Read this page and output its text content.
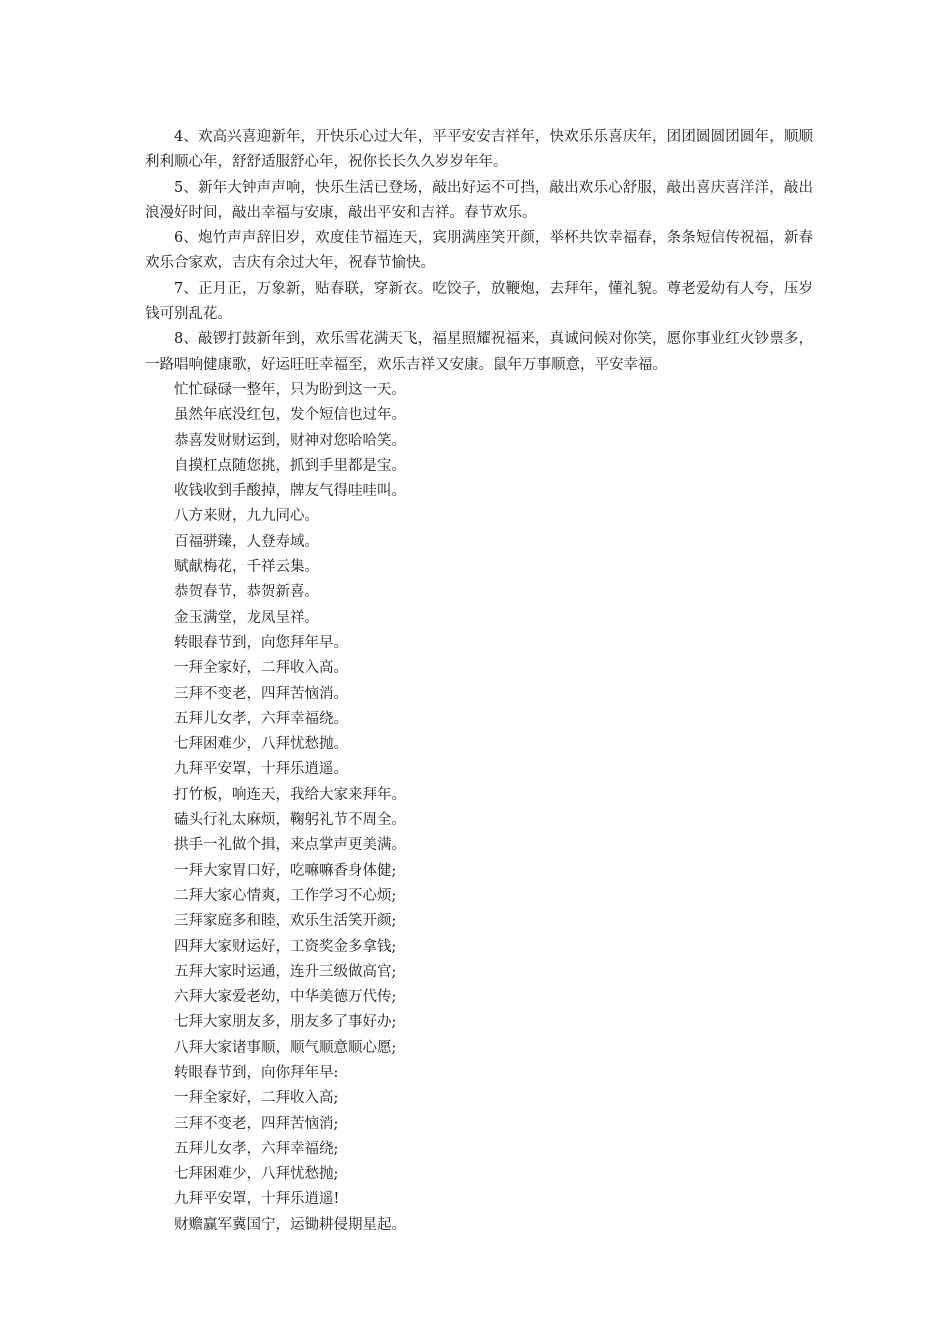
4、欢高兴喜迎新年，开快乐心过大年，平平安安吉祥年，快欢乐乐喜庆年，团团圆圆团圆年，顺顺利利顺心年，舒舒适服舒心年，祝你长长久久岁岁年年。

5、新年大钟声声响，快乐生活已登场，敲出好运不可挡，敲出欢乐心舒服，敲出喜庆喜洋洋，敲出浪漫好时间，敲出幸福与安康，敲出平安和吉祥。春节欢乐。

6、炮竹声声辞旧岁，欢度佳节福连天，宾朋满座笑开颜，举杯共饮幸福春，条条短信传祝福，新春欢乐合家欢，吉庆有余过大年，祝春节愉快。

7、正月正，万象新，贴春联，穿新衣。吃饺子，放鞭炮，去拜年，懂礼貌。尊老爱幼有人夸，压岁钱可别乱花。

8、敲锣打鼓新年到，欢乐雪花满天飞，福星照耀祝福来，真诚问候对你笑，愿你事业红火钞票多，一路唱响健康歌，好运旺旺幸福至，欢乐吉祥又安康。鼠年万事顺意，平安幸福。

忙忙碌碌一整年，只为盼到这一天。

虽然年底没红包，发个短信也过年。

恭喜发财财运到，财神对您哈哈笑。

自摸杠点随您挑，抓到手里都是宝。

收钱收到手酸掉，牌友气得哇哇叫。

八方来财，九九同心。

百福骈臻，人登寿域。

赋献梅花，千祥云集。

恭贺春节，恭贺新喜。

金玉满堂，龙凤呈祥。

转眼春节到，向您拜年早。

一拜全家好，二拜收入高。

三拜不变老，四拜苦恼消。

五拜儿女孝，六拜幸福绕。

七拜困难少，八拜忧愁抛。

九拜平安罩，十拜乐逍遥。

打竹板，响连天，我给大家来拜年。

磕头行礼太麻烦，鞠躬礼节不周全。

拱手一礼做个揖，来点掌声更美满。

一拜大家胃口好，吃嘛嘛香身体健;

二拜大家心情爽，工作学习不心烦;

三拜家庭多和睦，欢乐生活笑开颜;

四拜大家财运好，工资奖金多拿钱;

五拜大家时运通，连升三级做高官;

六拜大家爱老幼，中华美德万代传;

七拜大家朋友多，朋友多了事好办;

八拜大家诸事顺，顺气顺意顺心愿;

转眼春节到，向你拜年早:

一拜全家好，二拜收入高;

三拜不变老，四拜苦恼消;

五拜儿女孝，六拜幸福绕;

七拜困难少，八拜忧愁抛;

九拜平安罩，十拜乐逍遥!

财赡赢军冀国宁，运锄耕侵期星起。
